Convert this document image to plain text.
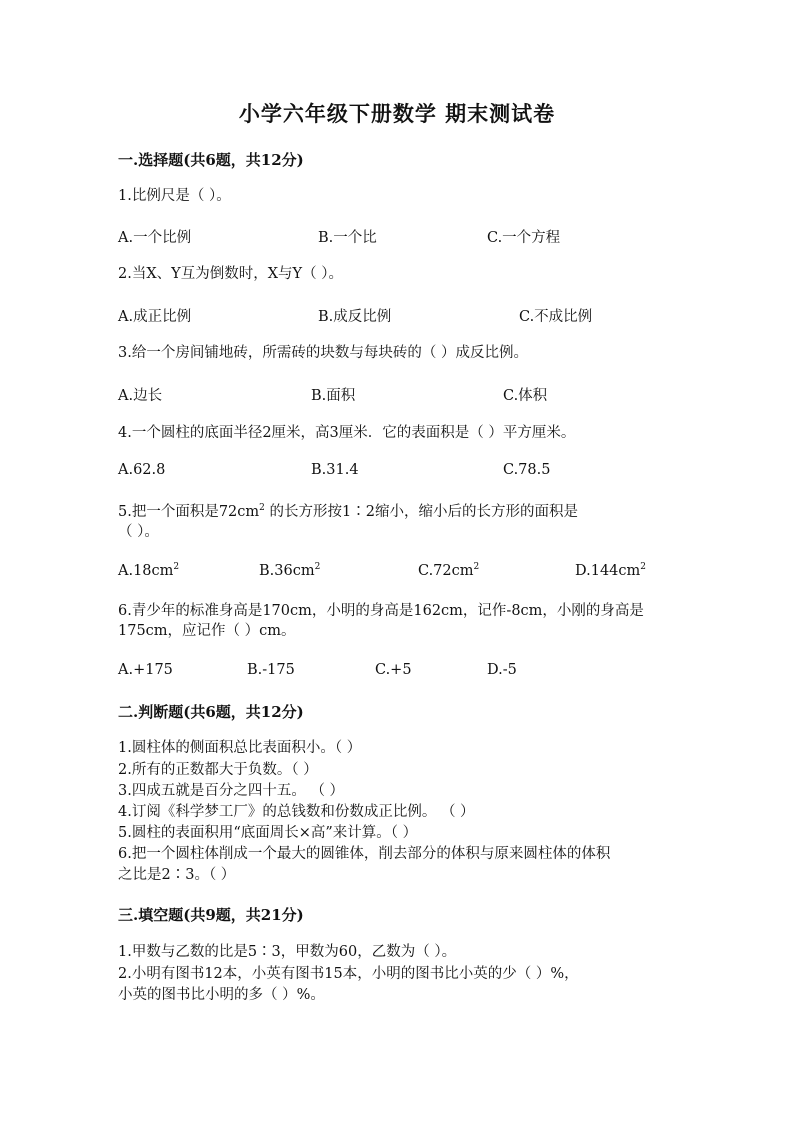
小学六年级下册数学 期末测试卷
一.选择题(共6题，共12分)
1.比例尺是（ ）。
A.一个比例	B.一个比	C.一个方程
2.当X、Y互为倒数时，X与Y（ ）。
A.成正比例	B.成反比例	C.不成比例
3.给一个房间铺地砖，所需砖的块数与每块砖的（ ）成反比例。
A.边长	B.面积	C.体积
4.一个圆柱的底面半径2厘米，高3厘米．它的表面积是（ ）平方厘米。
A.62.8	B.31.4	C.78.5
5.把一个面积是$72cm^2$ 的长方形按1∶2缩小，缩小后的长方形的面积是
（ ）。
$A.18cm^2$	$B.36cm^2$	$C.72cm^2$	$D.144cm^2$
6.青少年的标准身高是170cm，小明的身高是162cm，记作-8cm，小刚的身高是
175cm，应记作（ ）cm。
A.+175	B.-175	C.+5	D.-5
二.判断题(共6题，共12分)
1.圆柱体的侧面积总比表面积小。（ ）
2.所有的正数都大于负数。（ ）
3.四成五就是百分之四十五。 （ ）
4.订阅《科学梦工厂》的总钱数和份数成正比例。 （ ）
5.圆柱的表面积用“底面周长×高”来计算。（ ）
6.把一个圆柱体削成一个最大的圆锥体，削去部分的体积与原来圆柱体的体积
之比是2∶3。（ ）
三.填空题(共9题，共21分)
1.甲数与乙数的比是5∶3，甲数为60，乙数为（ ）。
2.小明有图书12本，小英有图书15本，小明的图书比小英的少（ ）%，
小英的图书比小明的多（ ）%。
